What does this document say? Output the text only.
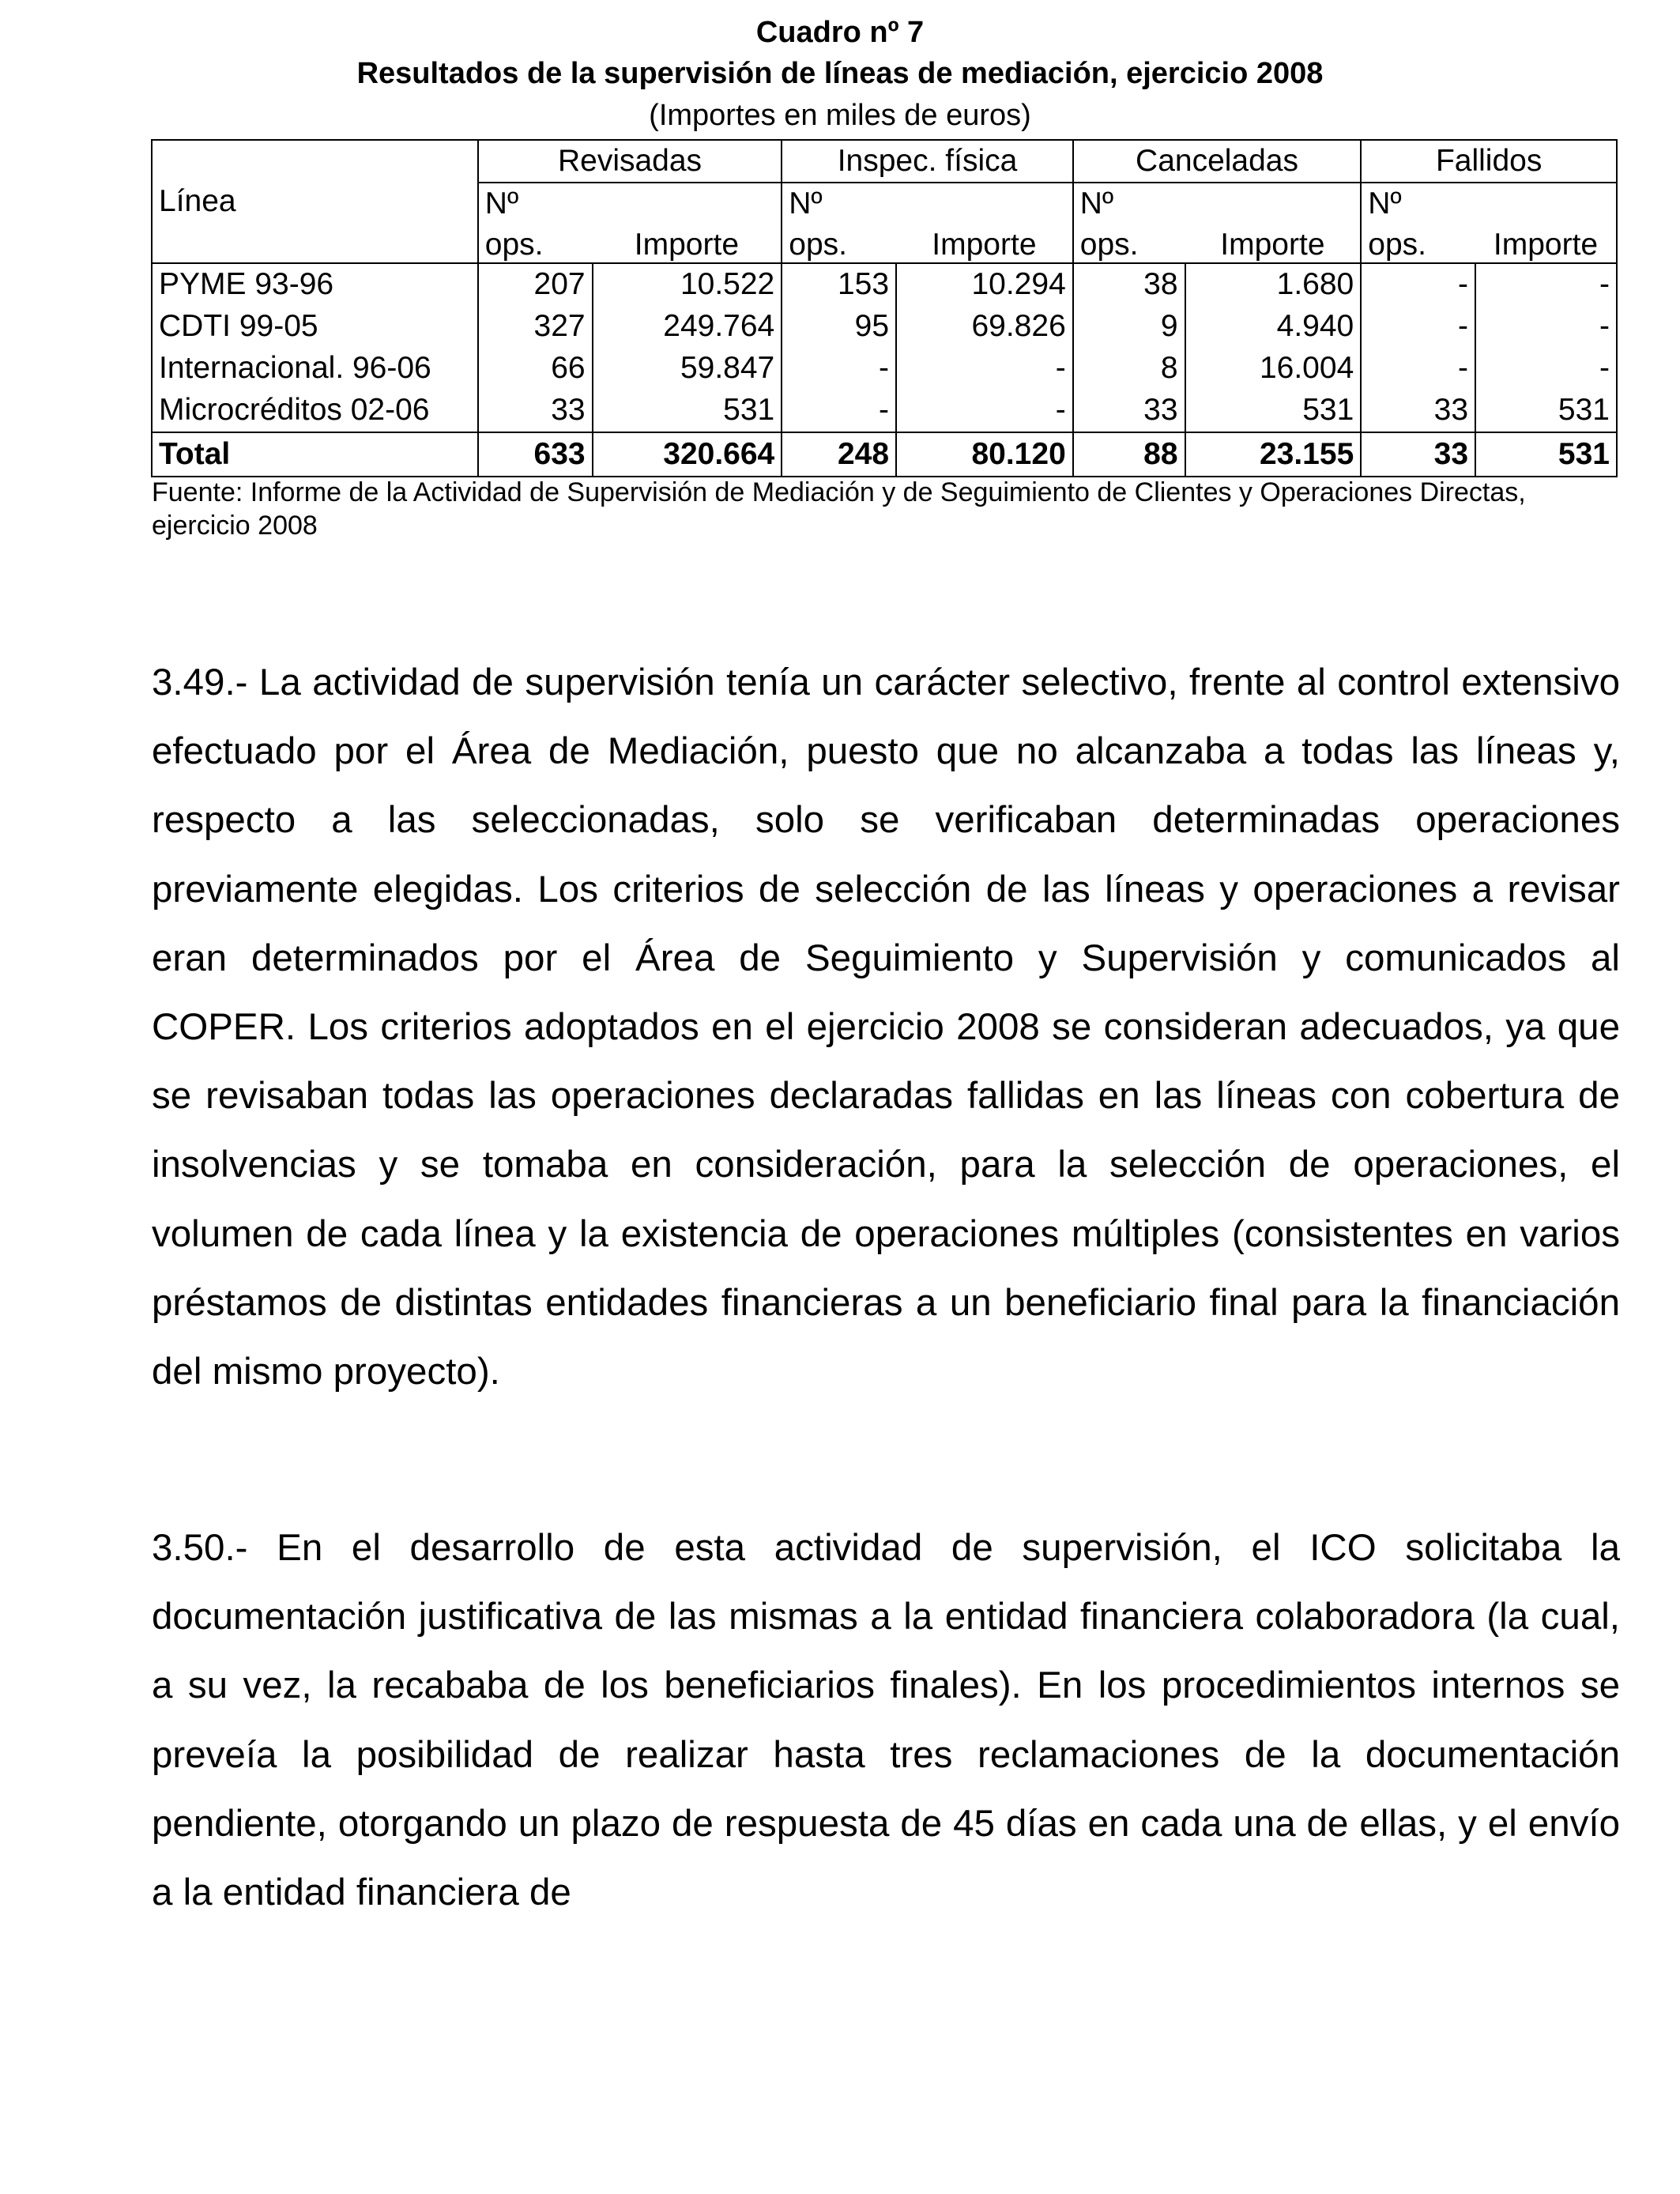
Cuadro nº 7
Resultados de la supervisión de líneas de mediación, ejercicio 2008
(Importes en miles de euros)
Línea	Revisadas		Inspec. física		Canceladas		Fallidos	
	Nº		Nº		Nº		Nº	
	ops.	Importe	ops.	Importe	ops.	Importe	ops.	Importe
PYME 93-96	207	10.522	153	10.294	38	1.680	-	-
CDTI 99-05	327	249.764	95	69.826	9	4.940	-	-
Internacional. 96-06	66	59.847	-	-	8	16.004	-	-
Microcréditos 02-06	33	531	-	-	33	531	33	531
Total	633	320.664	248	80.120	88	23.155	33	531
Fuente: Informe de la Actividad de Supervisión de Mediación y de Seguimiento de Clientes y Operaciones Directas, ejercicio 2008

3.49.- La actividad de supervisión tenía un carácter selectivo, frente al control extensivo efectuado por el Área de Mediación, puesto que no alcanzaba a todas las líneas y, respecto a las seleccionadas, solo se verificaban determinadas operaciones previamente elegidas. Los criterios de selección de las líneas y operaciones a revisar eran determinados por el Área de Seguimiento y Supervisión y comunicados al COPER. Los criterios adoptados en el ejercicio 2008 se consideran adecuados, ya que se revisaban todas las operaciones declaradas fallidas en las líneas con cobertura de insolvencias y se tomaba en consideración, para la selección de operaciones, el volumen de cada línea y la existencia de operaciones múltiples (consistentes en varios préstamos de distintas entidades financieras a un beneficiario final para la financiación del mismo proyecto).

3.50.- En el desarrollo de esta actividad de supervisión, el ICO solicitaba la documentación justificativa de las mismas a la entidad financiera colaboradora (la cual, a su vez, la recababa de los beneficiarios finales). En los procedimientos internos se preveía la posibilidad de realizar hasta tres reclamaciones de la documentación pendiente, otorgando un plazo de respuesta de 45 días en cada una de ellas, y el envío a la entidad financiera de
